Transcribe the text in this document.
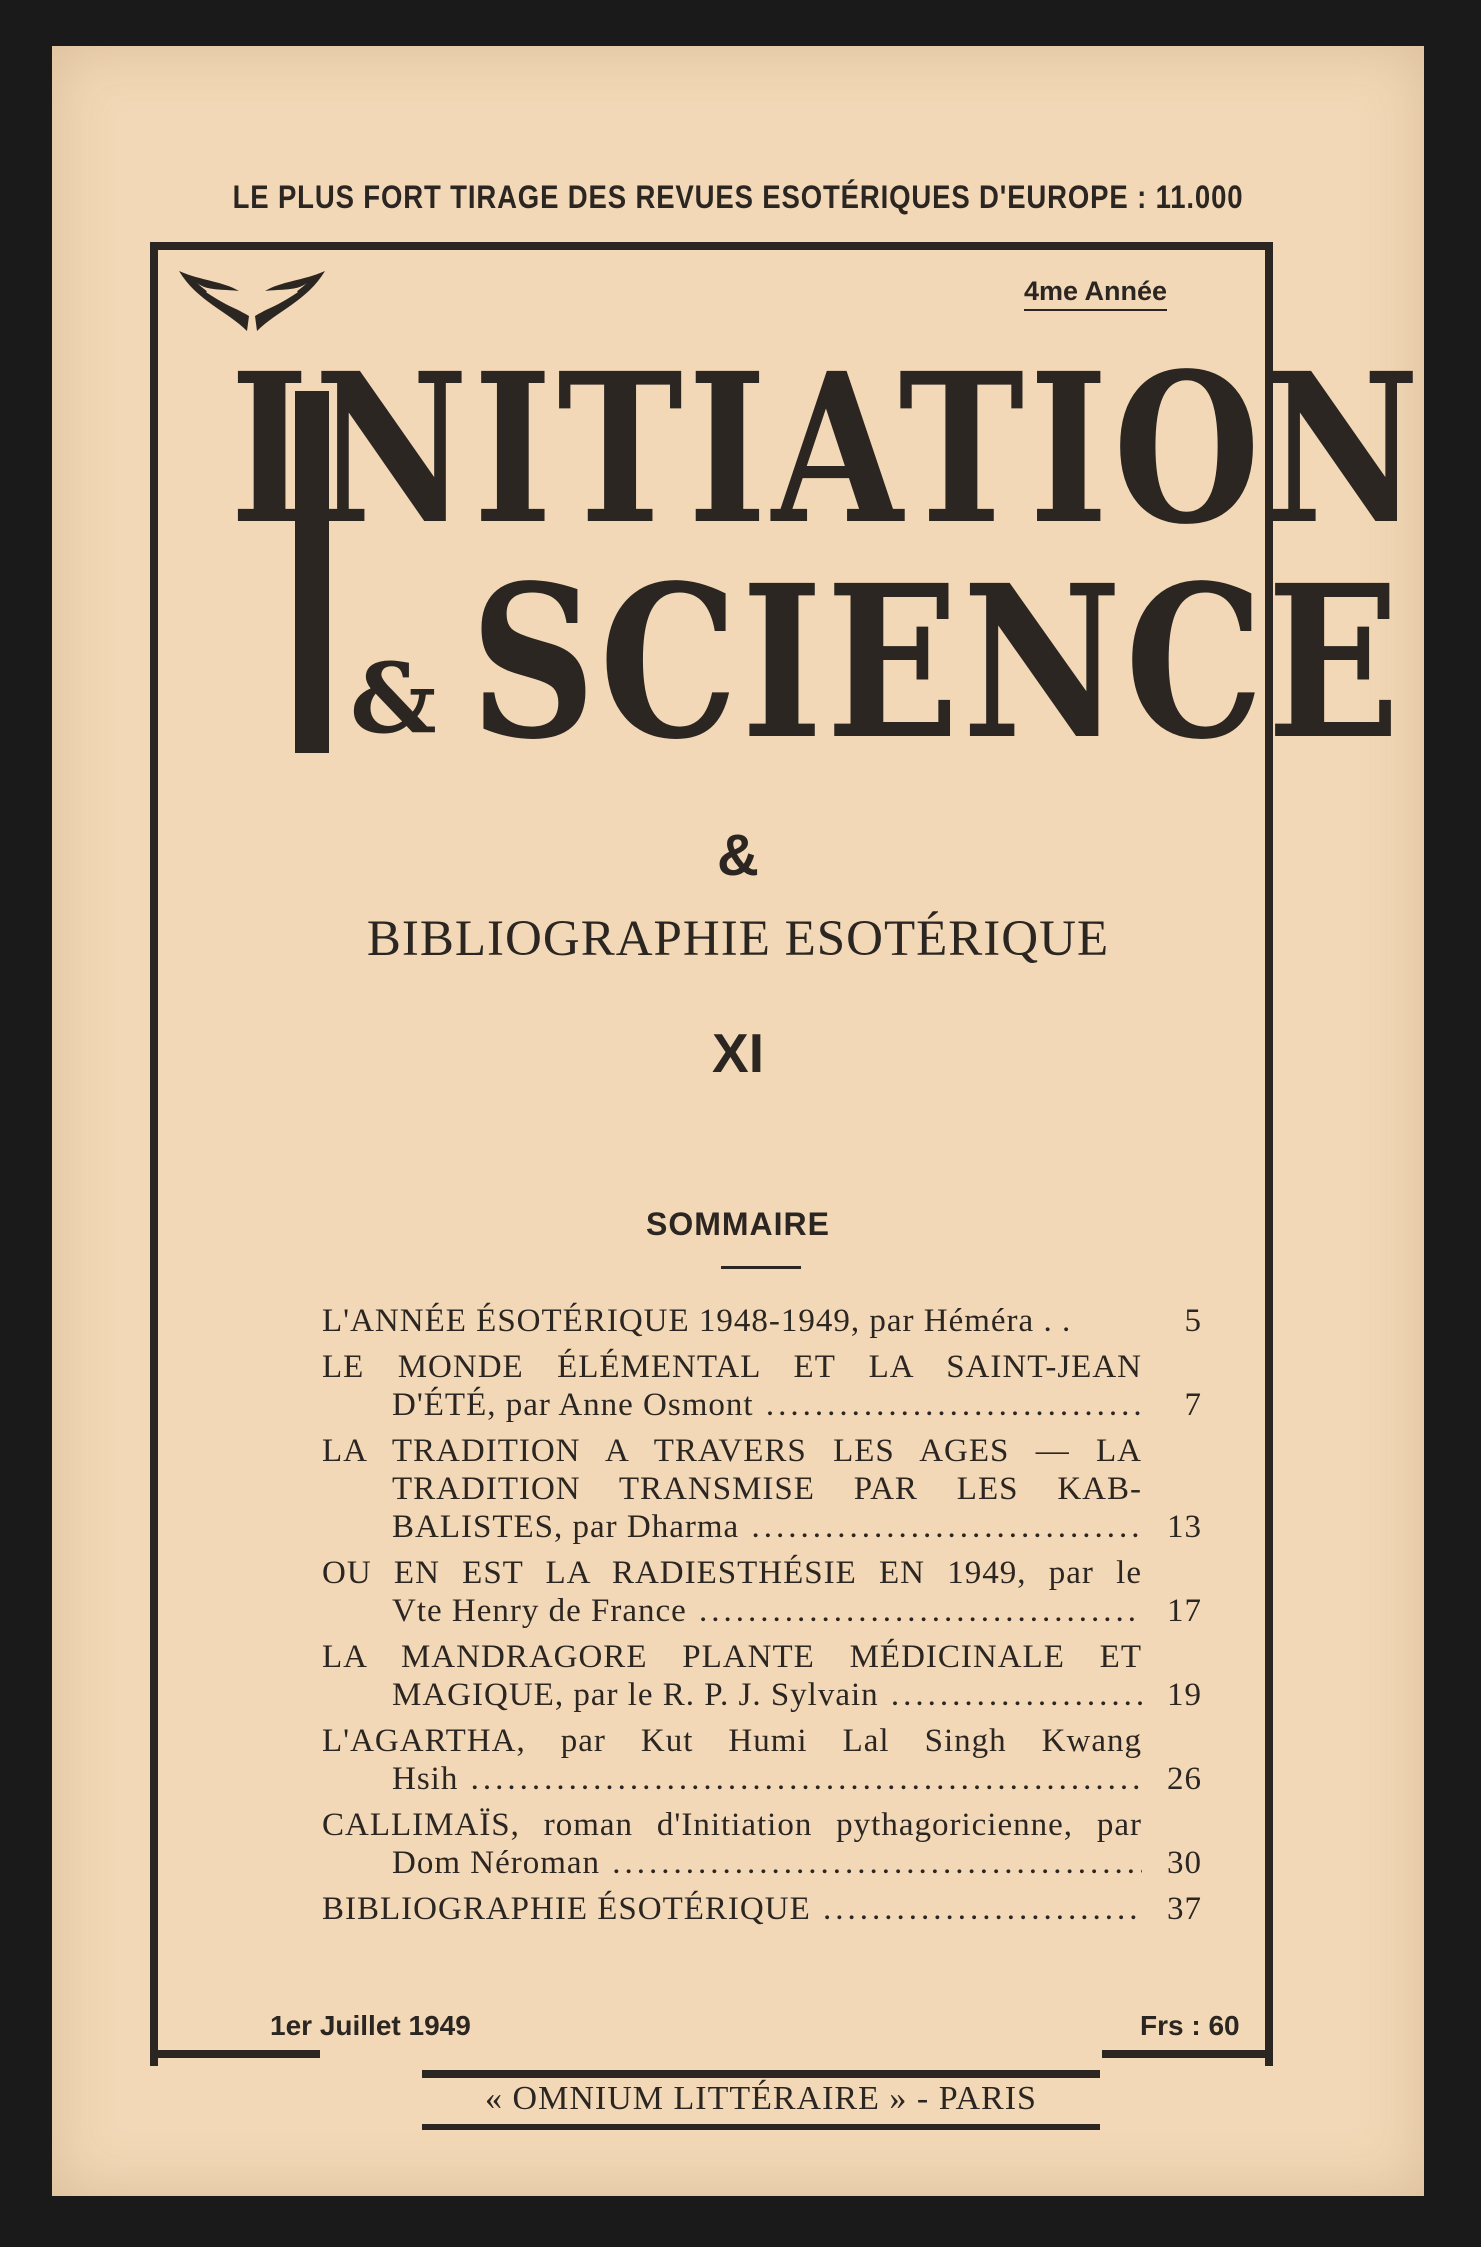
LE PLUS FORT TIRAGE DES REVUES ESOTÉRIQUES D'EUROPE : 11.000
4me Année
INITIATION
& SCIENCE
&
BIBLIOGRAPHIE ESOTÉRIQUE
XI
SOMMAIRE
L'ANNÉE ÉSOTÉRIQUE 1948-1949, par Héméra . .	5
LE MONDE ÉLÉMENTAL ET LA SAINT-JEAN
D'ÉTÉ, par Anne Osmont .....	7
LA TRADITION A TRAVERS LES AGES — LA
TRADITION TRANSMISE PAR LES KAB-
BALISTES, par Dharma .....	13
OU EN EST LA RADIESTHÉSIE EN 1949, par le
Vte Henry de France .....	17
LA MANDRAGORE PLANTE MÉDICINALE ET
MAGIQUE, par le R. P. J. Sylvain .....	19
L'AGARTHA, par Kut Humi Lal Singh Kwang
Hsih .....	26
CALLIMAÏS, roman d'Initiation pythagoricienne, par
Dom Néroman .....	30
BIBLIOGRAPHIE ÉSOTÉRIQUE .....	37
1er Juillet 1949	Frs : 60
« OMNIUM LITTÉRAIRE » - PARIS
